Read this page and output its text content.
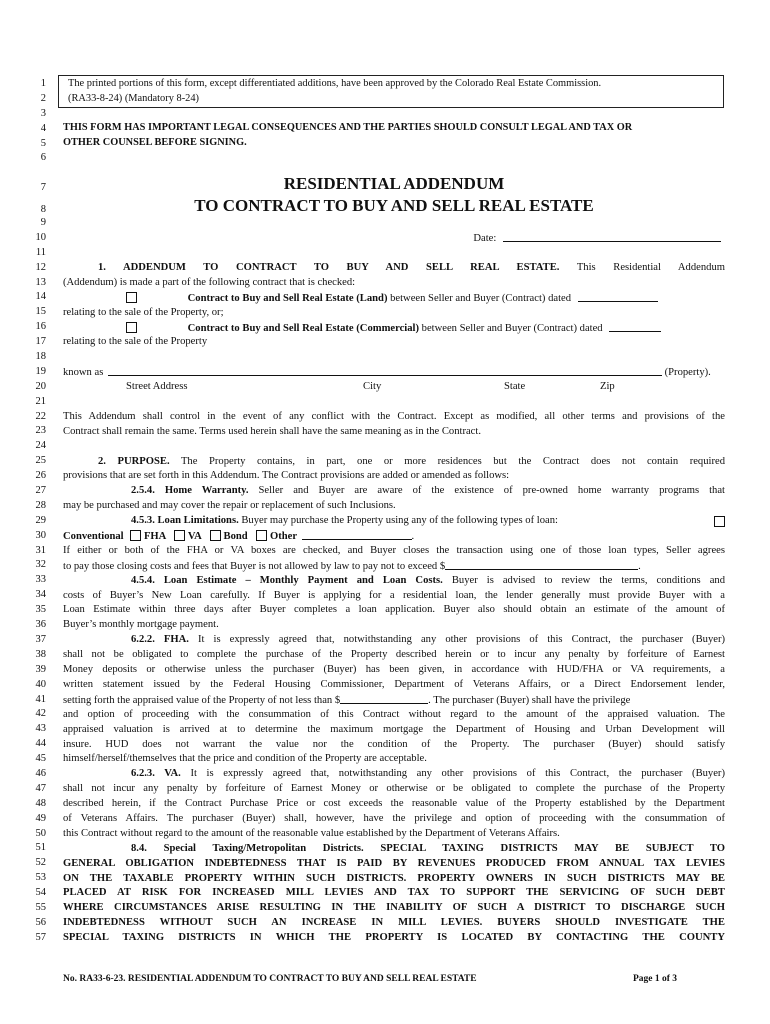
1
2
3
4
5
6
7
8
9
10
11
12
13
14
15
16
17
18
19
20
21
22
23
24
25
26
27
28
29
30
31
32
33
34
35
36
37
38
39
40
41
42
43
44
45
46
47
48
49
50
51
52
53
54
55
56
57
The printed portions of this form, except differentiated additions, have been approved by the Colorado Real Estate Commission.
(RA33-8-24) (Mandatory 8-24)
THIS FORM HAS IMPORTANT LEGAL CONSEQUENCES AND THE PARTIES SHOULD CONSULT LEGAL AND TAX OR
OTHER COUNSEL BEFORE SIGNING.
RESIDENTIAL ADDENDUM
TO CONTRACT TO BUY AND SELL REAL ESTATE
Date:
1. ADDENDUM TO CONTRACT TO BUY AND SELL REAL ESTATE. This Residential Addendum
(Addendum) is made a part of the following contract that is checked:
Contract to Buy and Sell Real Estate (Land) between Seller and Buyer (Contract) dated
relating to the sale of the Property, or;
Contract to Buy and Sell Real Estate (Commercial) between Seller and Buyer (Contract) dated
relating to the sale of the Property
known as	(Property).
Street Address	City	State	Zip
This Addendum shall control in the event of any conflict with the Contract. Except as modified, all other terms and provisions of the
Contract shall remain the same. Terms used herein shall have the same meaning as in the Contract.
2. PURPOSE. The Property contains, in part, one or more residences but the Contract does not contain required
provisions that are set forth in this Addendum. The Contract provisions are added or amended as follows:
2.5.4. Home Warranty. Seller and Buyer are aware of the existence of pre-owned home warranty programs that
may be purchased and may cover the repair or replacement of such Inclusions.
4.5.3. Loan Limitations. Buyer may purchase the Property using any of the following types of loan:
Conventional FHA VA Bond Other	.
If either or both of the FHA or VA boxes are checked, and Buyer closes the transaction using one of those loan types, Seller agrees
to pay those closing costs and fees that Buyer is not allowed by law to pay not to exceed $	.
4.5.4. Loan Estimate – Monthly Payment and Loan Costs. Buyer is advised to review the terms, conditions and
costs of Buyer’s New Loan carefully. If Buyer is applying for a residential loan, the lender generally must provide Buyer with a
Loan Estimate within three days after Buyer completes a loan application. Buyer also should obtain an estimate of the amount of
Buyer’s monthly mortgage payment.
6.2.2. FHA. It is expressly agreed that, notwithstanding any other provisions of this Contract, the purchaser (Buyer)
shall not be obligated to complete the purchase of the Property described herein or to incur any penalty by forfeiture of Earnest
Money deposits or otherwise unless the purchaser (Buyer) has been given, in accordance with HUD/FHA or VA requirements, a
written statement issued by the Federal Housing Commissioner, Department of Veterans Affairs, or a Direct Endorsement lender,
setting forth the appraised value of the Property of not less than $	. The purchaser (Buyer) shall have the privilege
and option of proceeding with the consummation of this Contract without regard to the amount of the appraised valuation. The
appraised valuation is arrived at to determine the maximum mortgage the Department of Housing and Urban Development will
insure. HUD does not warrant the value nor the condition of the Property. The purchaser (Buyer) should satisfy
himself/herself/themselves that the price and condition of the Property are acceptable.
6.2.3. VA. It is expressly agreed that, notwithstanding any other provisions of this Contract, the purchaser (Buyer)
shall not incur any penalty by forfeiture of Earnest Money or otherwise or be obligated to complete the purchase of the Property
described herein, if the Contract Purchase Price or cost exceeds the reasonable value of the Property established by the Department
of Veterans Affairs. The purchaser (Buyer) shall, however, have the privilege and option of proceeding with the consummation of
this Contract without regard to the amount of the reasonable value established by the Department of Veterans Affairs.
8.4. Special Taxing/Metropolitan Districts. SPECIAL TAXING DISTRICTS MAY BE SUBJECT TO
GENERAL OBLIGATION INDEBTEDNESS THAT IS PAID BY REVENUES PRODUCED FROM ANNUAL TAX LEVIES
ON THE TAXABLE PROPERTY WITHIN SUCH DISTRICTS. PROPERTY OWNERS IN SUCH DISTRICTS MAY BE
PLACED AT RISK FOR INCREASED MILL LEVIES AND TAX TO SUPPORT THE SERVICING OF SUCH DEBT
WHERE CIRCUMSTANCES ARISE RESULTING IN THE INABILITY OF SUCH A DISTRICT TO DISCHARGE SUCH
INDEBTEDNESS WITHOUT SUCH AN INCREASE IN MILL LEVIES. BUYERS SHOULD INVESTIGATE THE
SPECIAL TAXING DISTRICTS IN WHICH THE PROPERTY IS LOCATED BY CONTACTING THE COUNTY
No. RA33-6-23. RESIDENTIAL ADDENDUM TO CONTRACT TO BUY AND SELL REAL ESTATE	Page 1 of 3
